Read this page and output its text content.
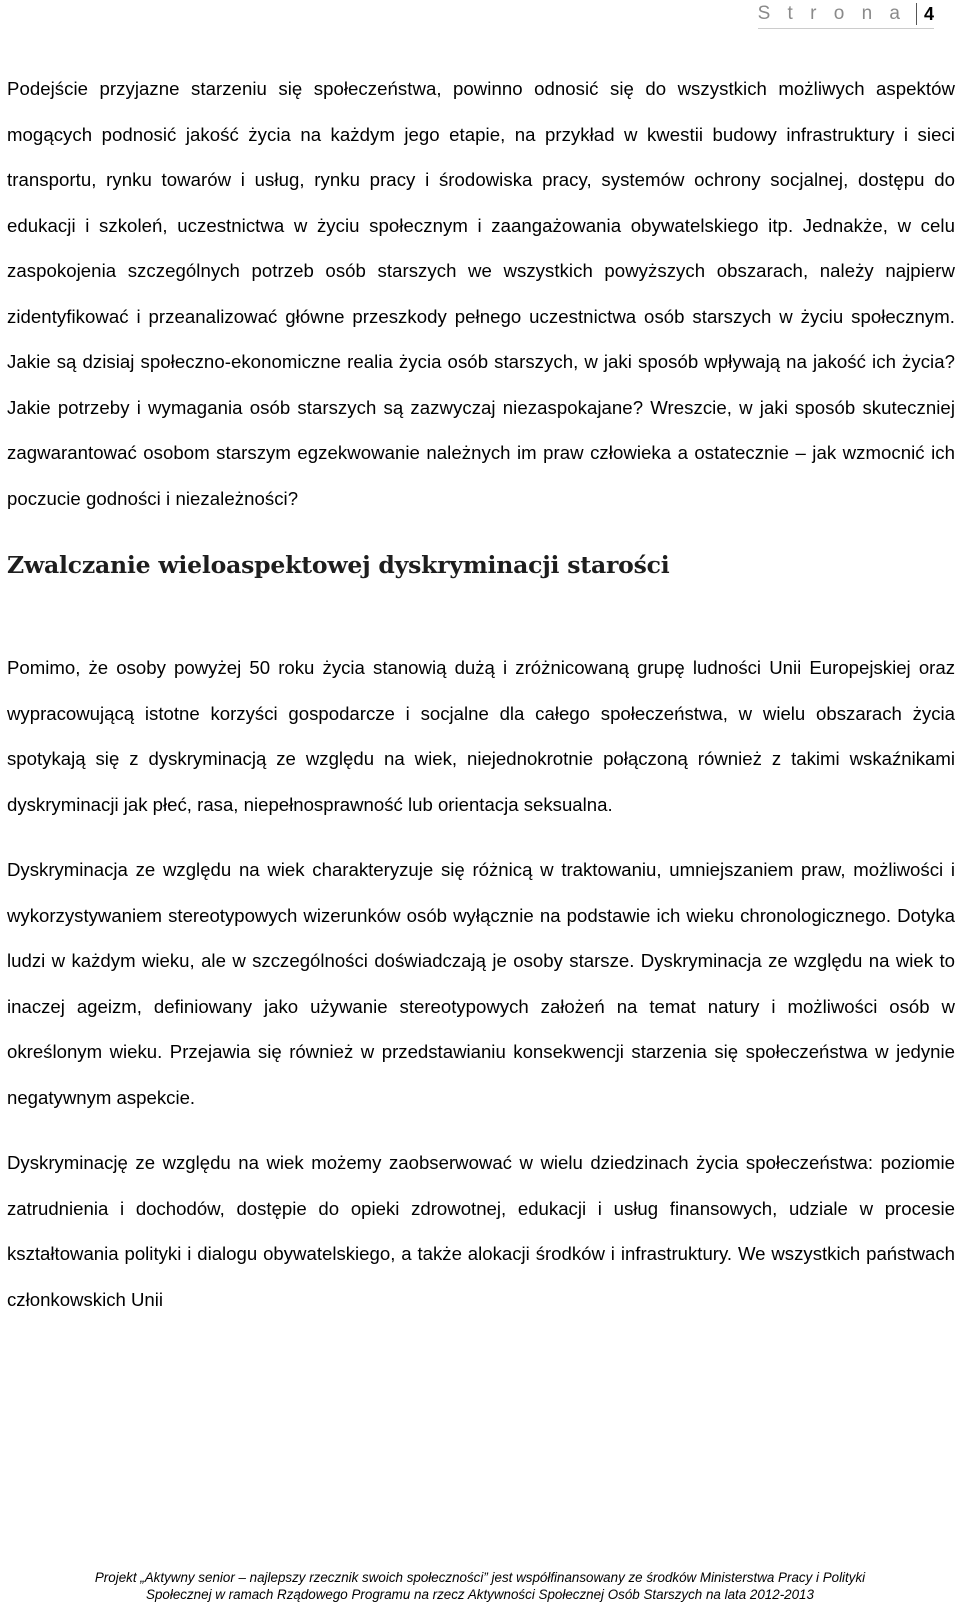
S t r o n a	4

Podejście przyjazne starzeniu się społeczeństwa, powinno odnosić się do wszystkich możliwych aspektów mogących podnosić jakość życia na każdym jego etapie, na przykład w kwestii budowy infrastruktury i sieci transportu, rynku towarów i usług, rynku pracy i środowiska pracy, systemów ochrony socjalnej, dostępu do edukacji i szkoleń, uczestnictwa w życiu społecznym i zaangażowania obywatelskiego itp. Jednakże, w celu zaspokojenia szczególnych potrzeb osób starszych we wszystkich powyższych obszarach, należy najpierw zidentyfikować i przeanalizować główne przeszkody pełnego uczestnictwa osób starszych w życiu społecznym. Jakie są dzisiaj społeczno-ekonomiczne realia życia osób starszych, w jaki sposób wpływają na jakość ich życia? Jakie potrzeby i wymagania osób starszych są zazwyczaj niezaspokajane? Wreszcie, w jaki sposób skuteczniej zagwarantować osobom starszym egzekwowanie należnych im praw człowieka a ostatecznie – jak wzmocnić ich poczucie godności i niezależności?

Zwalczanie wieloaspektowej dyskryminacji starości

Pomimo, że osoby powyżej 50 roku życia stanowią dużą i zróżnicowaną grupę ludności Unii Europejskiej oraz wypracowującą istotne korzyści gospodarcze i socjalne dla całego społeczeństwa, w wielu obszarach życia spotykają się z dyskryminacją ze względu na wiek, niejednokrotnie połączoną również z takimi wskaźnikami dyskryminacji jak płeć, rasa, niepełnosprawność lub orientacja seksualna.

Dyskryminacja ze względu na wiek charakteryzuje się różnicą w traktowaniu, umniejszaniem praw, możliwości i wykorzystywaniem stereotypowych wizerunków osób wyłącznie na podstawie ich wieku chronologicznego. Dotyka ludzi w każdym wieku, ale w szczególności doświadczają je osoby starsze. Dyskryminacja ze względu na wiek to inaczej ageizm, definiowany jako używanie stereotypowych założeń na temat natury i możliwości osób w określonym wieku. Przejawia się również w przedstawianiu konsekwencji starzenia się społeczeństwa w jedynie negatywnym aspekcie.

Dyskryminację ze względu na wiek możemy zaobserwować w wielu dziedzinach życia społeczeństwa: poziomie zatrudnienia i dochodów, dostępie do opieki zdrowotnej, edukacji i usług finansowych, udziale w procesie kształtowania polityki i dialogu obywatelskiego, a także alokacji środków i infrastruktury. We wszystkich państwach członkowskich Unii

Projekt „Aktywny senior – najlepszy rzecznik swoich społeczności” jest współfinansowany ze środków Ministerstwa Pracy i Polityki
Społecznej w ramach Rządowego Programu na rzecz Aktywności Społecznej Osób Starszych na lata 2012-2013
